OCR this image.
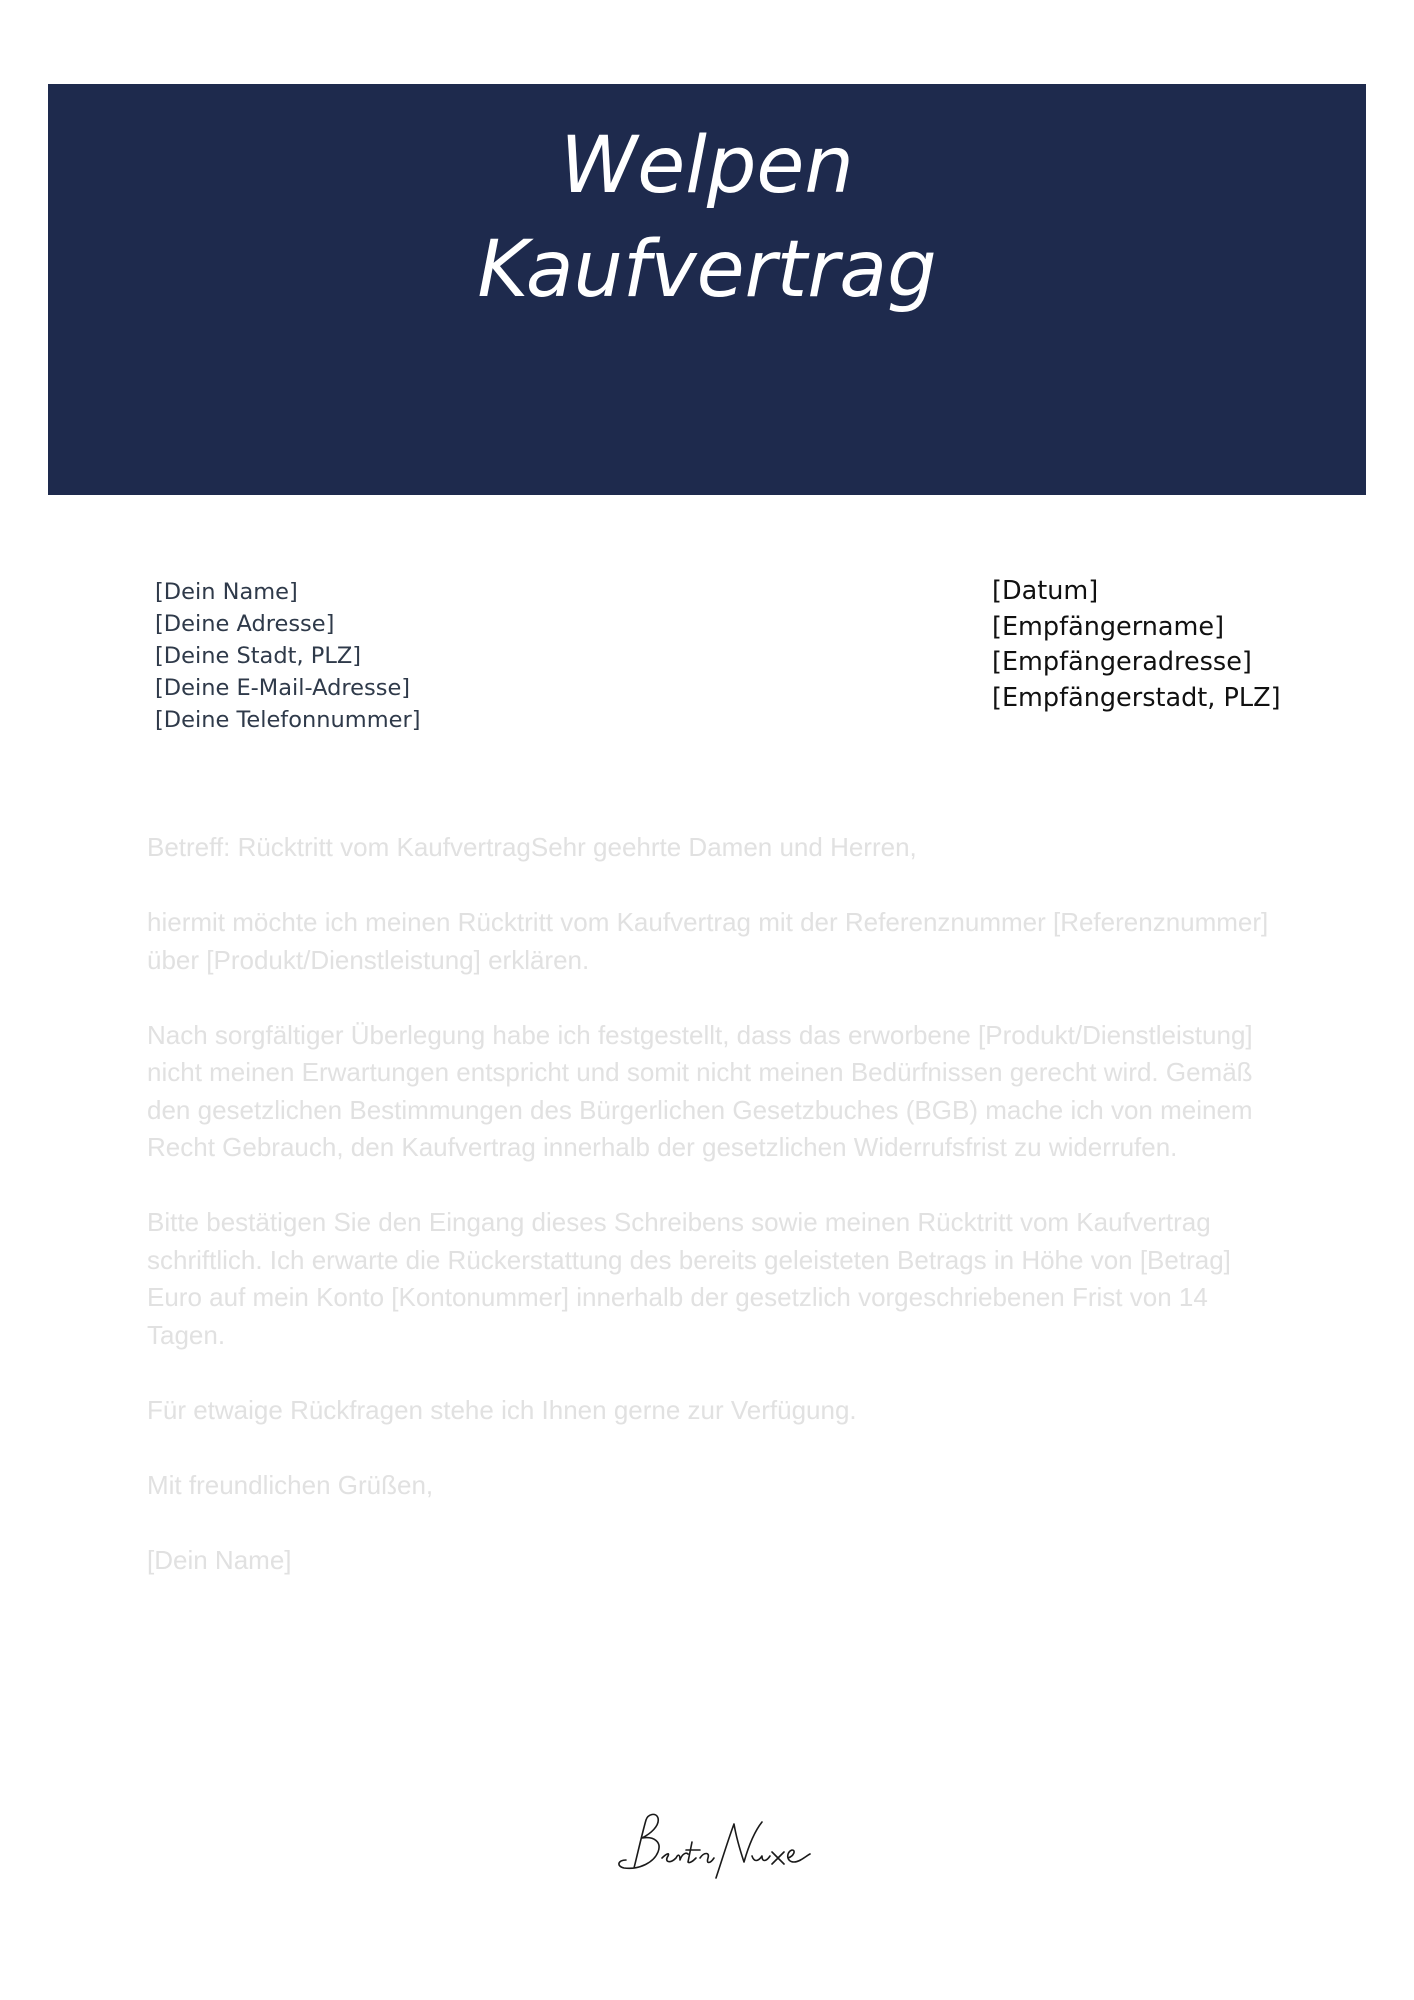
Welpen
Kaufvertrag
[Dein Name]
[Deine Adresse]
[Deine Stadt, PLZ]
[Deine E-Mail-Adresse]
[Deine Telefonnummer]
[Datum]
[Empfängername]
[Empfängeradresse]
[Empfängerstadt, PLZ]

Betreff: Rücktritt vom KaufvertragSehr geehrte Damen und Herren,

hiermit möchte ich meinen Rücktritt vom Kaufvertrag mit der Referenznummer [Referenznummer] über [Produkt/Dienstleistung] erklären.

Nach sorgfältiger Überlegung habe ich festgestellt, dass das erworbene [Produkt/Dienstleistung] nicht meinen Erwartungen entspricht und somit nicht meinen Bedürfnissen gerecht wird. Gemäß den gesetzlichen Bestimmungen des Bürgerlichen Gesetzbuches (BGB) mache ich von meinem Recht Gebrauch, den Kaufvertrag innerhalb der gesetzlichen Widerrufsfrist zu widerrufen.

Bitte bestätigen Sie den Eingang dieses Schreibens sowie meinen Rücktritt vom Kaufvertrag schriftlich. Ich erwarte die Rückerstattung des bereits geleisteten Betrags in Höhe von [Betrag] Euro auf mein Konto [Kontonummer] innerhalb der gesetzlich vorgeschriebenen Frist von 14 Tagen.

Für etwaige Rückfragen stehe ich Ihnen gerne zur Verfügung.

Mit freundlichen Grüßen,

[Dein Name]
